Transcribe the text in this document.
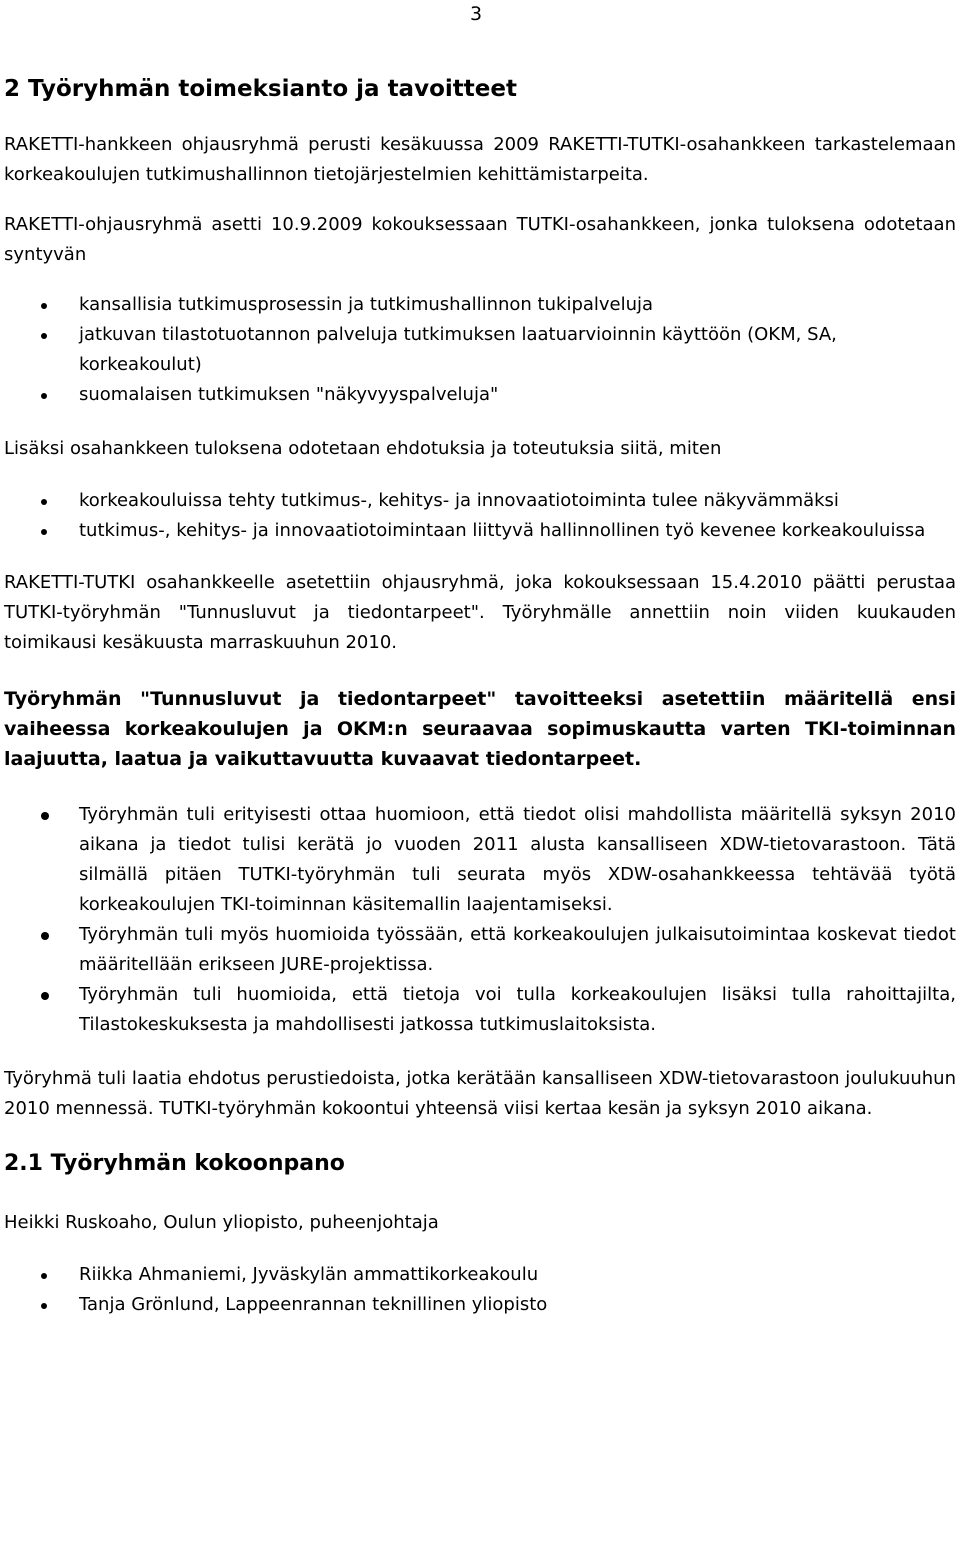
3
2 Työryhmän toimeksianto ja tavoitteet

RAKETTI-hankkeen ohjausryhmä perusti kesäkuussa 2009 RAKETTI-TUTKI-osahankkeen tarkastelemaan korkeakoulujen tutkimushallinnon tietojärjestelmien kehittämistarpeita.

RAKETTI-ohjausryhmä asetti 10.9.2009 kokouksessaan TUTKI-osahankkeen, jonka tuloksena odotetaan syntyvän

kansallisia tutkimusprosessin ja tutkimushallinnon tukipalveluja
jatkuvan tilastotuotannon palveluja tutkimuksen laatuarvioinnin käyttöön (OKM, SA, korkeakoulut)
suomalaisen tutkimuksen "näkyvyyspalveluja"

Lisäksi osahankkeen tuloksena odotetaan ehdotuksia ja toteutuksia siitä, miten

korkeakouluissa tehty tutkimus-, kehitys- ja innovaatiotoiminta tulee näkyvämmäksi
tutkimus-, kehitys- ja innovaatiotoimintaan liittyvä hallinnollinen työ kevenee korkeakouluissa

RAKETTI-TUTKI osahankkeelle asetettiin ohjausryhmä, joka kokouksessaan 15.4.2010 päätti perustaa TUTKI-työryhmän "Tunnusluvut ja tiedontarpeet". Työryhmälle annettiin noin viiden kuukauden toimikausi kesäkuusta marraskuuhun 2010.

Työryhmän "Tunnusluvut ja tiedontarpeet" tavoitteeksi asetettiin määritellä ensi vaiheessa korkeakoulujen ja OKM:n seuraavaa sopimuskautta varten TKI-toiminnan laajuutta, laatua ja vaikuttavuutta kuvaavat tiedontarpeet.

Työryhmän tuli erityisesti ottaa huomioon, että tiedot olisi mahdollista määritellä syksyn 2010 aikana ja tiedot tulisi kerätä jo vuoden 2011 alusta kansalliseen XDW-tietovarastoon. Tätä silmällä pitäen TUTKI-työryhmän tuli seurata myös XDW-osahankkeessa tehtävää työtä korkeakoulujen TKI-toiminnan käsitemallin laajentamiseksi.
Työryhmän tuli myös huomioida työssään, että korkeakoulujen julkaisutoimintaa koskevat tiedot määritellään erikseen JURE-projektissa.
Työryhmän tuli huomioida, että tietoja voi tulla korkeakoulujen lisäksi tulla rahoittajilta, Tilastokeskuksesta ja mahdollisesti jatkossa tutkimuslaitoksista.

Työryhmä tuli laatia ehdotus perustiedoista, jotka kerätään kansalliseen XDW-tietovarastoon joulukuuhun 2010 mennessä. TUTKI-työryhmän kokoontui yhteensä viisi kertaa kesän ja syksyn 2010 aikana.

2.1 Työryhmän kokoonpano

Heikki Ruskoaho, Oulun yliopisto, puheenjohtaja

Riikka Ahmaniemi, Jyväskylän ammattikorkeakoulu
Tanja Grönlund, Lappeenrannan teknillinen yliopisto
